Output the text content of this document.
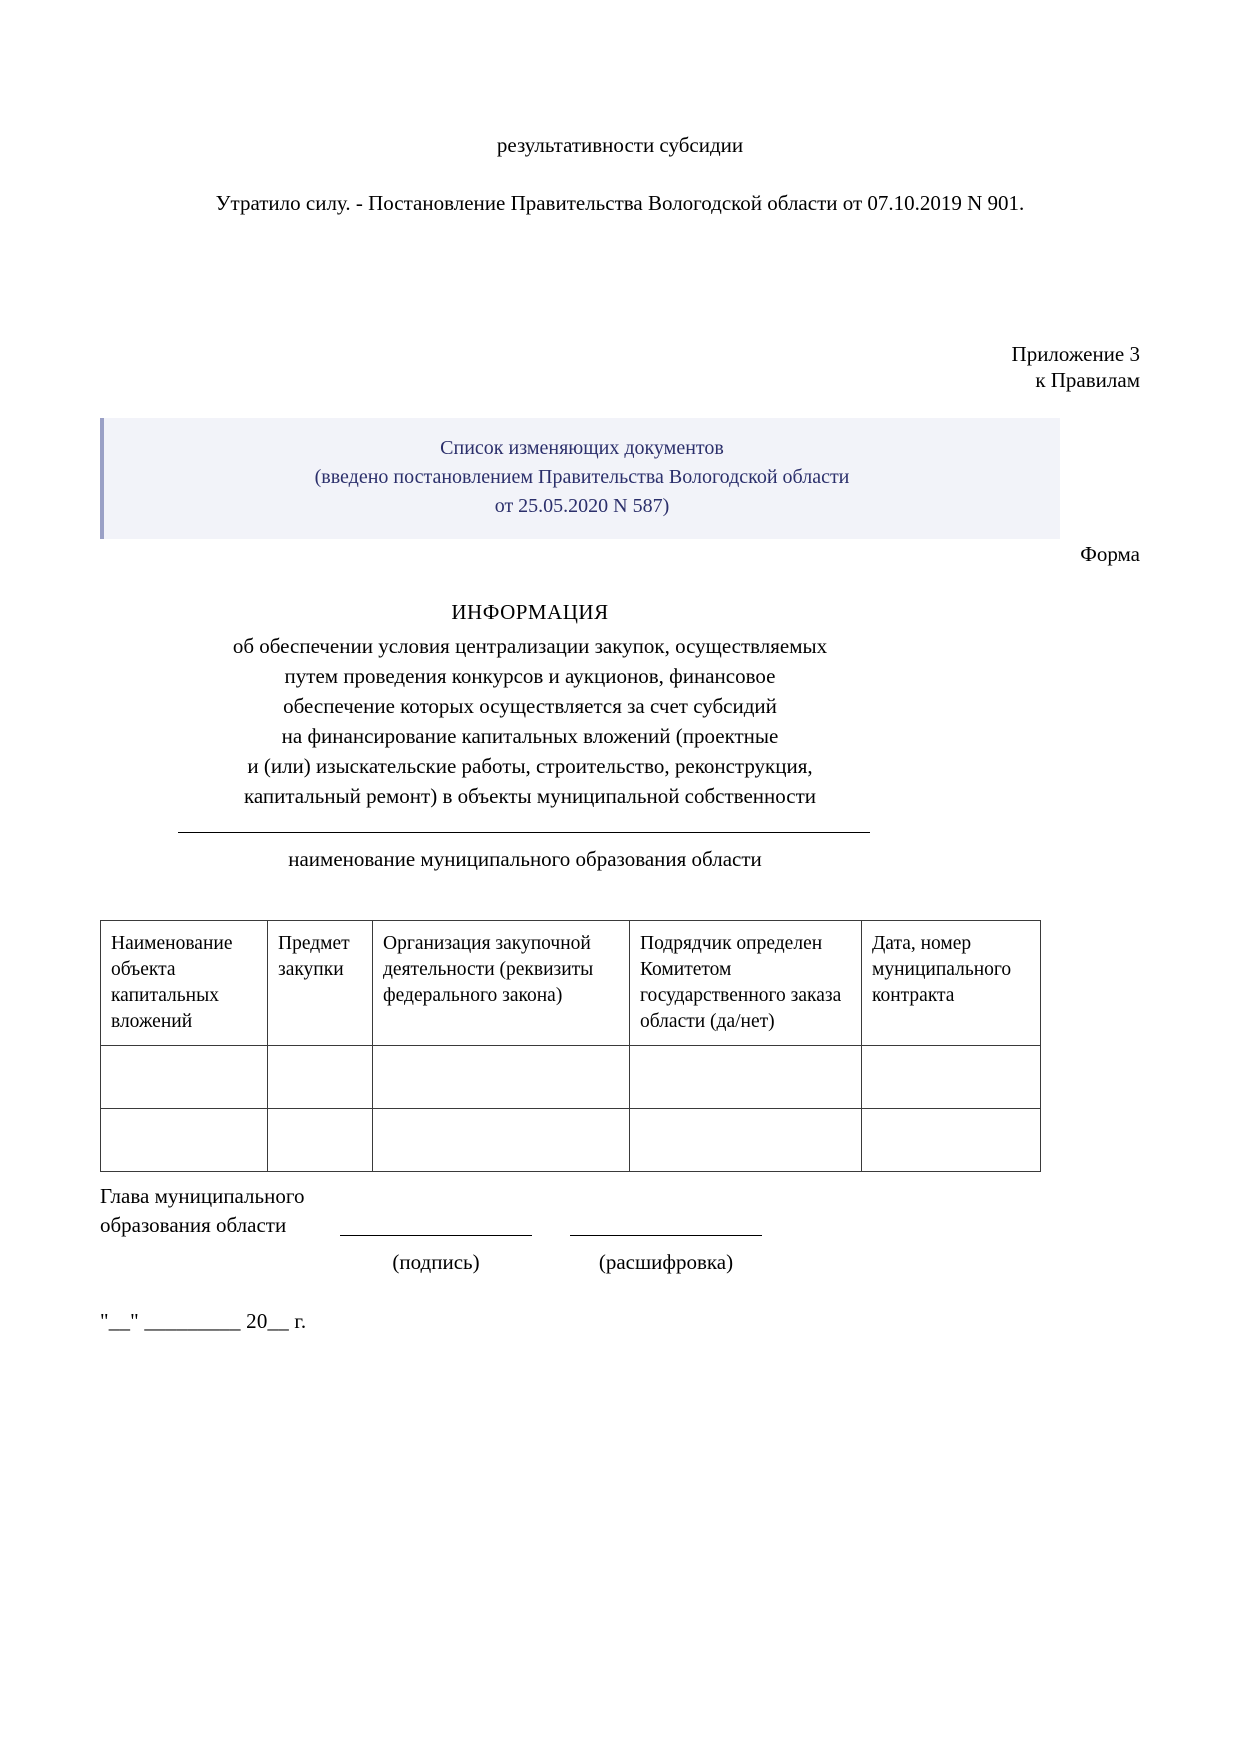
результативности субсидии
Утратило силу. - Постановление Правительства Вологодской области от 07.10.2019 N 901.
Приложение 3
к Правилам
Список изменяющих документов
(введено постановлением Правительства Вологодской области
от 25.05.2020 N 587)
Форма
ИНФОРМАЦИЯ
об обеспечении условия централизации закупок, осуществляемых
путем проведения конкурсов и аукционов, финансовое
обеспечение которых осуществляется за счет субсидий
на финансирование капитальных вложений (проектные
и (или) изыскательские работы, строительство, реконструкция,
капитальный ремонт) в объекты муниципальной собственности
наименование муниципального образования области
Наименование объекта капитальных вложений	Предмет закупки	Организация закупочной деятельности (реквизиты федерального закона)	Подрядчик определен Комитетом государственного заказа области (да/нет)	Дата, номер муниципального контракта

Глава муниципального
образования области
(подпись)	(расшифровка)
"__" _________ 20__ г.
